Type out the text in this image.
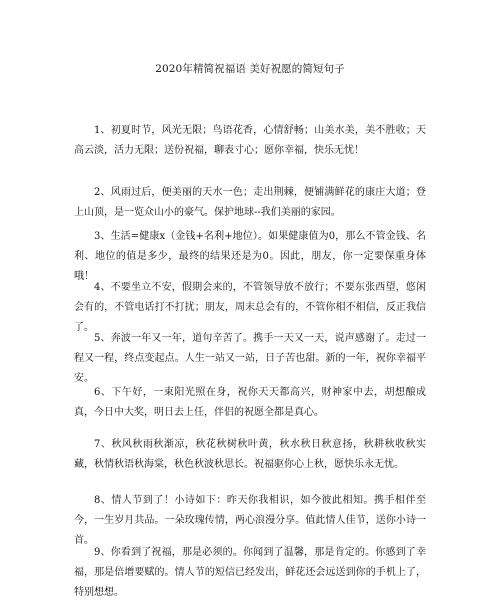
2020年精简祝福语 美好祝愿的简短句子

1、初夏时节，风光无限；鸟语花香，心情舒畅；山美水美，美不胜收；天高云淡，活力无限；送份祝福，聊表寸心；愿你幸福，快乐无忧！

2、风雨过后，便美丽的天水一色；走出荆棘，便铺满鲜花的康庄大道；登上山顶，是一览众山小的豪气。保护地球--我们美丽的家园。

3、生活=健康x（金钱+名利+地位）。如果健康值为0，那么不管金钱、名利、地位的值是多少，最终的结果还是为0。因此，朋友，你一定要保重身体哦！

4、不要坐立不安，假期会来的，不管领导放不放行；不要东张西望，悠闲会有的，不管电话打不打扰；朋友，周末总会有的，不管你相不相信，反正我信了。

5、奔波一年又一年，道句辛苦了。携手一天又一天，说声感谢了。走过一程又一程，终点变起点。人生一站又一站，日子苦也甜。新的一年，祝你幸福平安。

6、下午好，一束阳光照在身，祝你天天都高兴，财神家中去，胡想酿成真，今日中大奖，明日去上任，伴侣的祝愿全都是真心。

7、秋风秋雨秋渐凉，秋花秋树秋叶黄，秋水秋日秋意扬，秋耕秋收秋实藏，秋情秋语秋海棠，秋色秋波秋思长。祝福驱你心上秋，愿快乐永无忧。

8、情人节到了！小诗如下：昨天你我相识，如今彼此相知。携手相伴至今，一生岁月共品。一朵玫瑰传情，两心浪漫分享。值此情人佳节，送你小诗一首。

9、你看到了祝福，那是必须的。你闻到了温馨，那是肯定的。你感到了幸福，那是倍增要赋的。情人节的短信已经发出，鲜花还会远送到你的手机上了，特别想想。
